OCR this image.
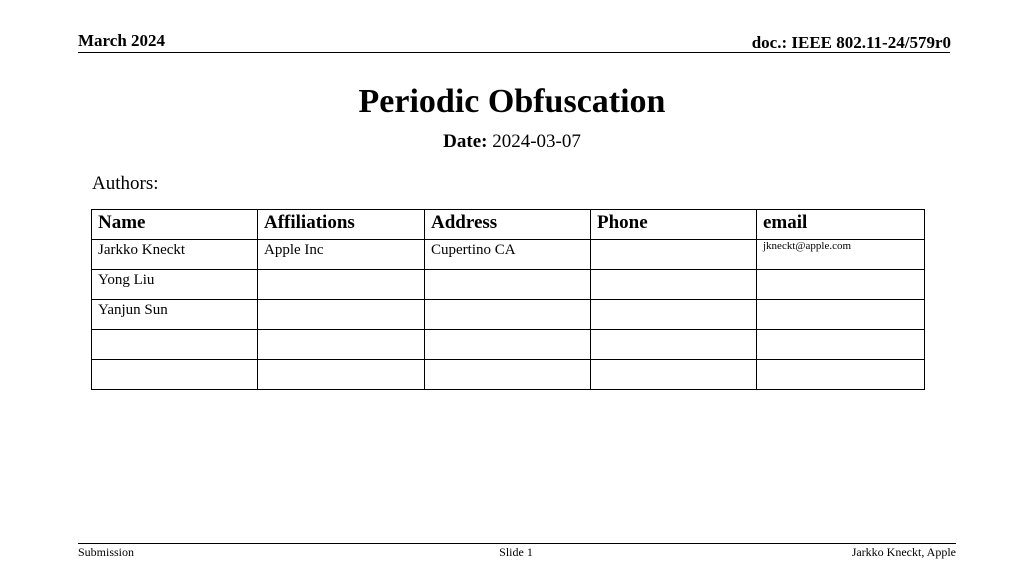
March 2024	doc.: IEEE 802.11-24/579r0
Periodic Obfuscation
Date: 2024-03-07
Authors:
Name	Affiliations	Address	Phone	email
Jarkko Kneckt	Apple Inc	Cupertino CA		jkneckt@apple.com
Yong Liu				
Yanjun Sun				

Submission	Slide 1	Jarkko Kneckt, Apple
